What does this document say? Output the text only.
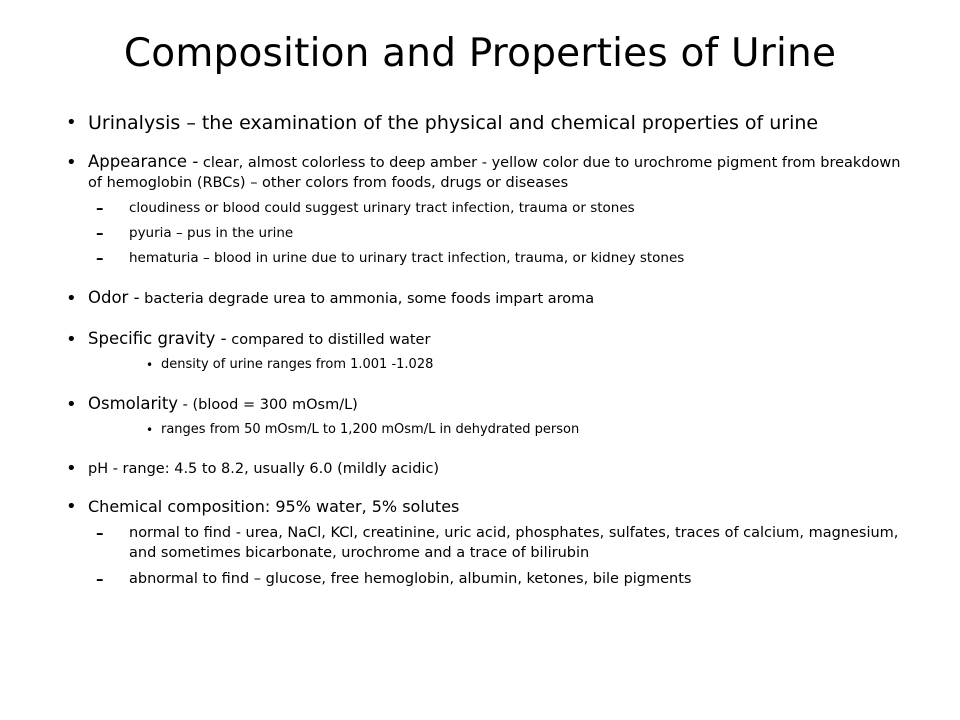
Composition and Properties of Urine
• Urinalysis – the examination of the physical and chemical properties of urine
• Appearance - clear, almost colorless to deep amber - yellow color due to urochrome pigment from breakdown of hemoglobin (RBCs) – other colors from foods, drugs or diseases
– cloudiness or blood could suggest urinary tract infection, trauma or stones
– pyuria – pus in the urine
– hematuria – blood in urine due to urinary tract infection, trauma, or kidney stones
• Odor - bacteria degrade urea to ammonia, some foods impart aroma
• Specific gravity - compared to distilled water
• density of urine ranges from 1.001 -1.028
• Osmolarity - (blood = 300 mOsm/L)
• ranges from 50 mOsm/L to 1,200 mOsm/L in dehydrated person
• pH - range: 4.5 to 8.2, usually 6.0 (mildly acidic)
• Chemical composition: 95% water, 5% solutes
– normal to find - urea, NaCl, KCl, creatinine, uric acid, phosphates, sulfates, traces of calcium, magnesium, and sometimes bicarbonate, urochrome and a trace of bilirubin
– abnormal to find – glucose, free hemoglobin, albumin, ketones, bile pigments
